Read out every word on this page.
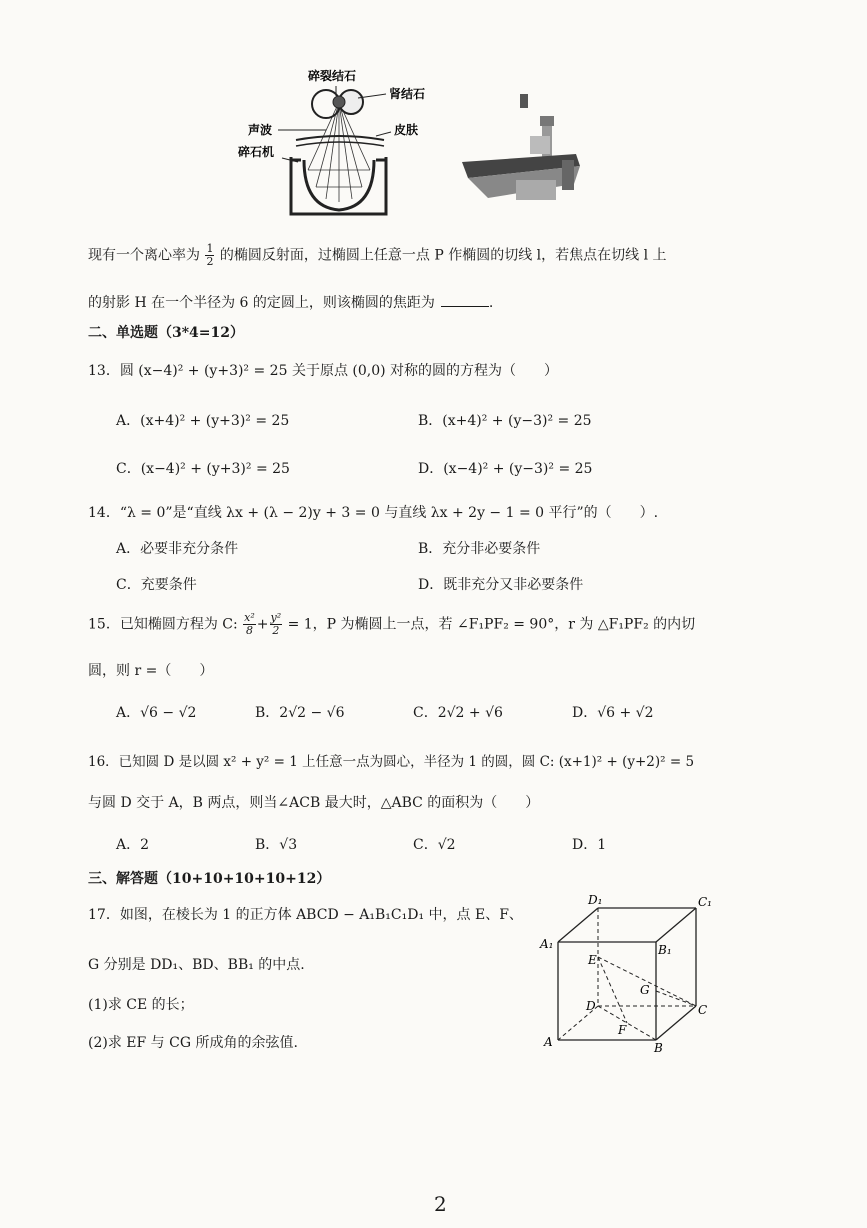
碎裂结石
肾结石
皮肤
声波
碎石机
现有一个离心率为 $\frac{1}{2}$ 的椭圆反射面，过椭圆上任意一点 P 作椭圆的切线 l，若焦点在切线 l 上
的射影 H 在一个半径为 6 的定圆上，则该椭圆的焦距为	.
二、单选题（3*4=12）
13．圆 (x−4)² + (y+3)² = 25 关于原点 (0,0) 对称的圆的方程为（　　）
A．(x+4)² + (y+3)² = 25	B．(x+4)² + (y−3)² = 25
C．(x−4)² + (y+3)² = 25	D．(x−4)² + (y−3)² = 25
14．“λ = 0”是“直线 λx + (λ − 2)y + 3 = 0 与直线 λx + 2y − 1 = 0 平行”的（　　）.
A．必要非充分条件	B．充分非必要条件
C．充要条件	D．既非充分又非必要条件
15．已知椭圆方程为 C: $\frac{\text{x²}}{8} + \frac{\text{y²}}{2} = 1$，P 为椭圆上一点，若 ∠F₁PF₂ = 90°，r 为 △F₁PF₂ 的内切
圆，则 r =（　　）
A．√6 − √2	B．2√2 − √6	C．2√2 + √6	D．√6 + √2
16．已知圆 D 是以圆 x² + y² = 1 上任意一点为圆心，半径为 1 的圆，圆 C: (x+1)² + (y+2)² = 5
与圆 D 交于 A，B 两点，则当∠ACB 最大时，△ABC 的面积为（　　）
A．2	B．√3	C．√2	D．1
三、解答题（10+10+10+10+12）
17．如图，在棱长为 1 的正方体 ABCD − A₁B₁C₁D₁ 中，点 E、F、
G 分别是 DD₁、BD、BB₁ 的中点.
(1)求 CE 的长；
(2)求 EF 与 CG 所成角的余弦值.
D₁	C₁
A₁	B₁
E
G
D	C
F
A	B
2
